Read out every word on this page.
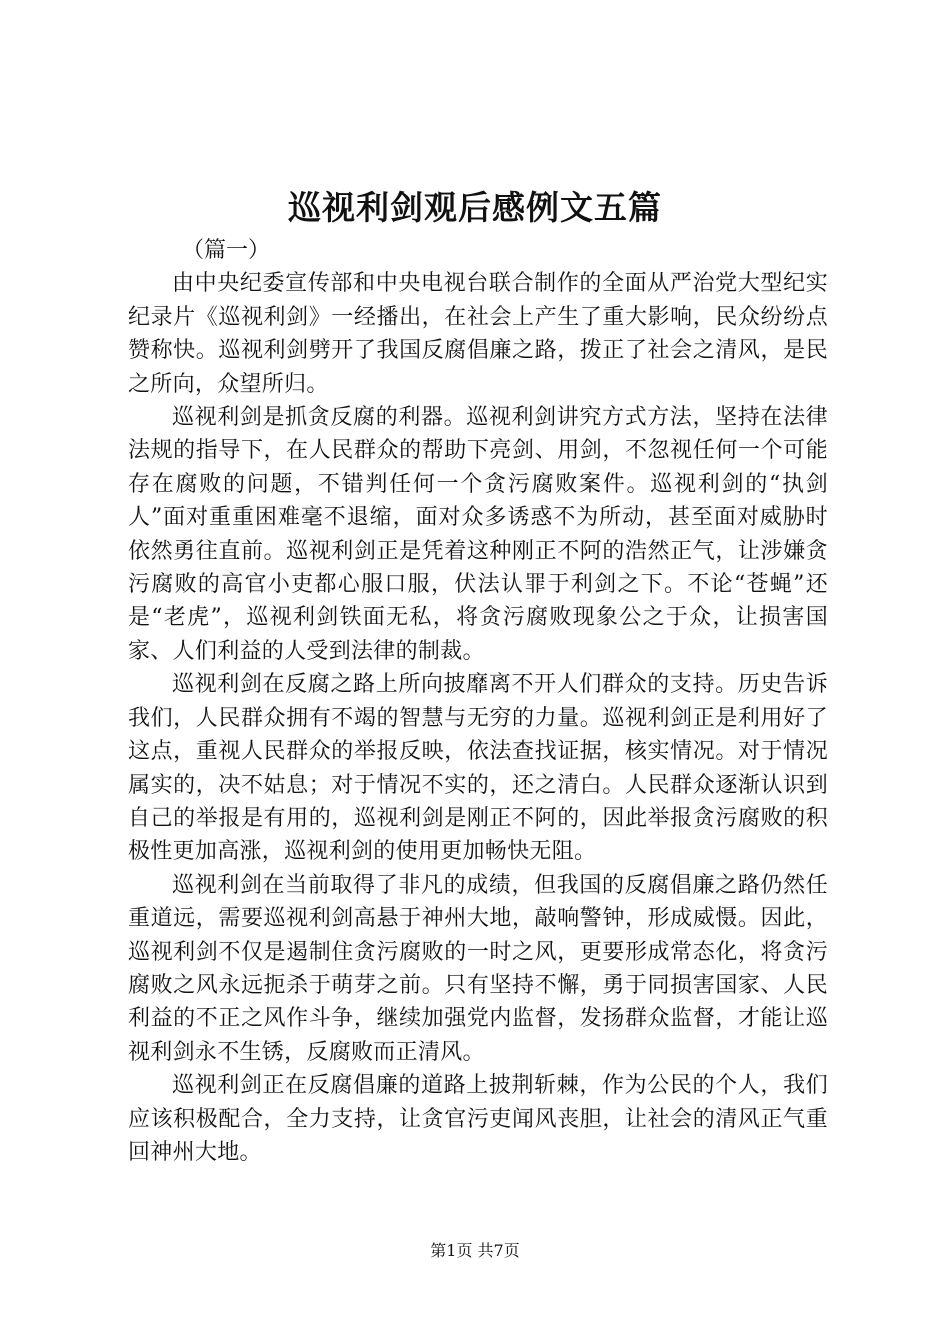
巡视利剑观后感例文五篇

（篇一）

由中央纪委宣传部和中央电视台联合制作的全面从严治党大型纪实纪录片《巡视利剑》一经播出，在社会上产生了重大影响，民众纷纷点赞称快。巡视利剑劈开了我国反腐倡廉之路，拨正了社会之清风，是民之所向，众望所归。

巡视利剑是抓贪反腐的利器。巡视利剑讲究方式方法，坚持在法律法规的指导下，在人民群众的帮助下亮剑、用剑，不忽视任何一个可能存在腐败的问题，不错判任何一个贪污腐败案件。巡视利剑的“执剑人”面对重重困难毫不退缩，面对众多诱惑不为所动，甚至面对威胁时依然勇往直前。巡视利剑正是凭着这种刚正不阿的浩然正气，让涉嫌贪污腐败的高官小吏都心服口服，伏法认罪于利剑之下。不论“苍蝇”还是“老虎”，巡视利剑铁面无私，将贪污腐败现象公之于众，让损害国家、人们利益的人受到法律的制裁。

巡视利剑在反腐之路上所向披靡离不开人们群众的支持。历史告诉我们，人民群众拥有不竭的智慧与无穷的力量。巡视利剑正是利用好了这点，重视人民群众的举报反映，依法查找证据，核实情况。对于情况属实的，决不姑息；对于情况不实的，还之清白。人民群众逐渐认识到自己的举报是有用的，巡视利剑是刚正不阿的，因此举报贪污腐败的积极性更加高涨，巡视利剑的使用更加畅快无阻。

巡视利剑在当前取得了非凡的成绩，但我国的反腐倡廉之路仍然任重道远，需要巡视利剑高悬于神州大地，敲响警钟，形成威慑。因此，巡视利剑不仅是遏制住贪污腐败的一时之风，更要形成常态化，将贪污腐败之风永远扼杀于萌芽之前。只有坚持不懈，勇于同损害国家、人民利益的不正之风作斗争，继续加强党内监督，发扬群众监督，才能让巡视利剑永不生锈，反腐败而正清风。

巡视利剑正在反腐倡廉的道路上披荆斩棘，作为公民的个人，我们应该积极配合，全力支持，让贪官污吏闻风丧胆，让社会的清风正气重回神州大地。

第1页 共7页
